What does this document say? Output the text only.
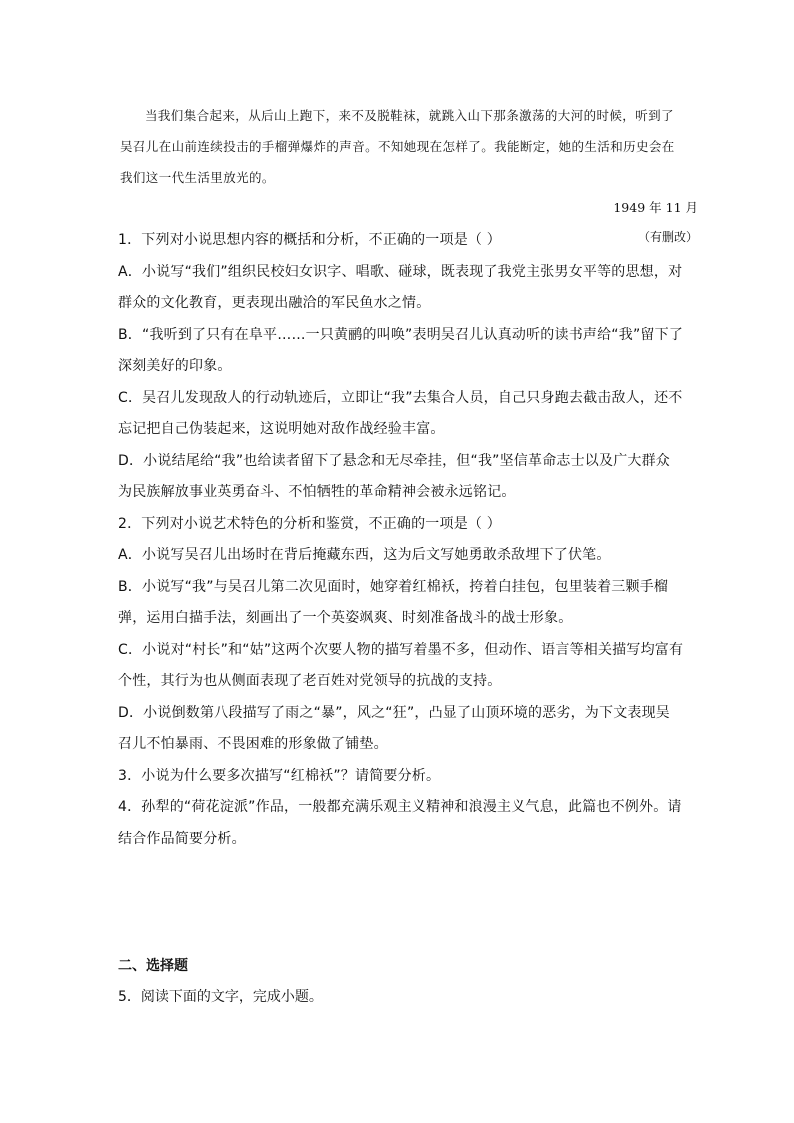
当我们集合起来，从后山上跑下，来不及脱鞋袜，就跳入山下那条激荡的大河的时候，听到了吴召儿在山前连续投击的手榴弹爆炸的声音。不知她现在怎样了。我能断定，她的生活和历史会在我们这一代生活里放光的。

1949 年 11 月
（有删改）
1．下列对小说思想内容的概括和分析，不正确的一项是（ ）
A．小说写“我们”组织民校妇女识字、唱歌、碰球，既表现了我党主张男女平等的思想，对群众的文化教育，更表现出融洽的军民鱼水之情。
B．“我听到了只有在阜平……一只黄鹂的叫唤”表明吴召儿认真动听的读书声给“我”留下了深刻美好的印象。
C．吴召儿发现敌人的行动轨迹后，立即让“我”去集合人员，自己只身跑去截击敌人，还不忘记把自己伪装起来，这说明她对敌作战经验丰富。
D．小说结尾给“我”也给读者留下了悬念和无尽牵挂，但“我”坚信革命志士以及广大群众为民族解放事业英勇奋斗、不怕牺牲的革命精神会被永远铭记。
2．下列对小说艺术特色的分析和鉴赏，不正确的一项是（ ）
A．小说写吴召儿出场时在背后掩藏东西，这为后文写她勇敢杀敌埋下了伏笔。
B．小说写“我”与吴召儿第二次见面时，她穿着红棉袄，挎着白挂包，包里装着三颗手榴弹，运用白描手法，刻画出了一个英姿飒爽、时刻准备战斗的战士形象。
C．小说对“村长”和“姑”这两个次要人物的描写着墨不多，但动作、语言等相关描写均富有个性，其行为也从侧面表现了老百姓对党领导的抗战的支持。
D．小说倒数第八段描写了雨之“暴”，风之“狂”，凸显了山顶环境的恶劣，为下文表现吴召儿不怕暴雨、不畏困难的形象做了铺垫。
3．小说为什么要多次描写“红棉袄”？请简要分析。
4．孙犁的“荷花淀派”作品，一般都充满乐观主义精神和浪漫主义气息，此篇也不例外。请结合作品简要分析。
二、选择题
5．阅读下面的文字，完成小题。
